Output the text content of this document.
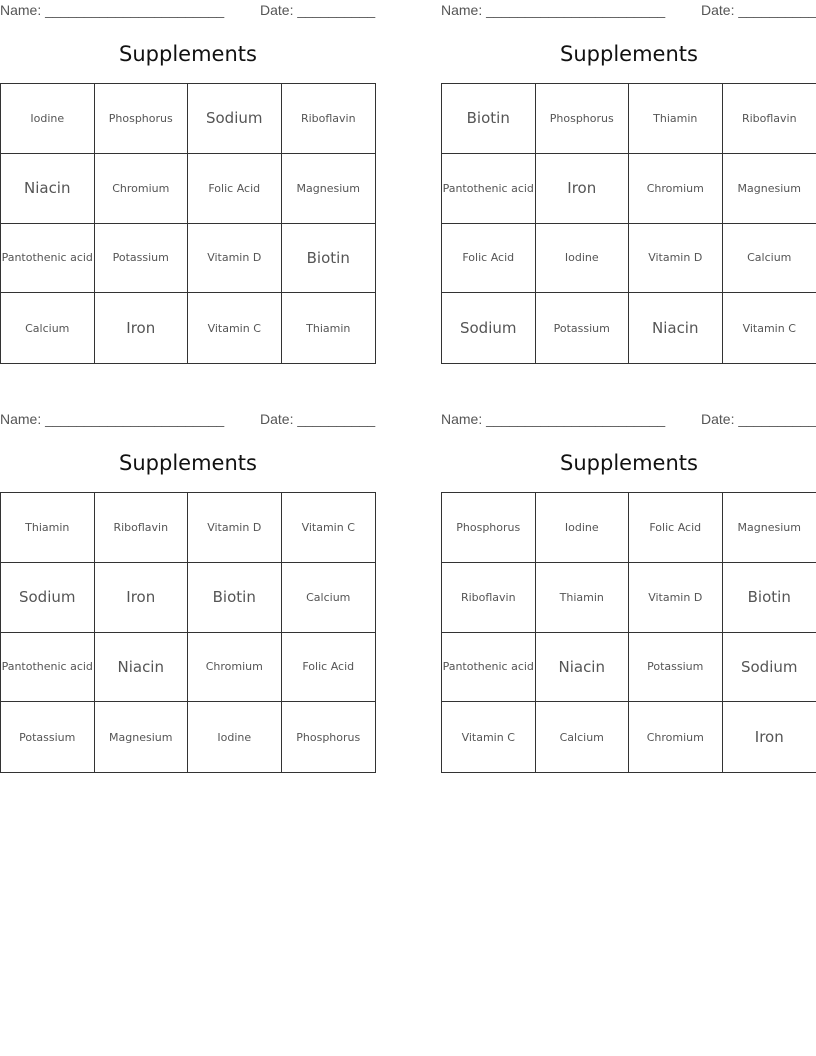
Name: _______________________	Date: __________
Supplements
Iodine	Phosphorus	Sodium	Riboflavin
Niacin	Chromium	Folic Acid	Magnesium
Pantothenic acid	Potassium	Vitamin D	Biotin
Calcium	Iron	Vitamin C	Thiamin
Name: _______________________	Date: __________
Supplements
Biotin	Phosphorus	Thiamin	Riboflavin
Pantothenic acid	Iron	Chromium	Magnesium
Folic Acid	Iodine	Vitamin D	Calcium
Sodium	Potassium	Niacin	Vitamin C
Name: _______________________	Date: __________
Supplements
Thiamin	Riboflavin	Vitamin D	Vitamin C
Sodium	Iron	Biotin	Calcium
Pantothenic acid	Niacin	Chromium	Folic Acid
Potassium	Magnesium	Iodine	Phosphorus
Name: _______________________	Date: __________
Supplements
Phosphorus	Iodine	Folic Acid	Magnesium
Riboflavin	Thiamin	Vitamin D	Biotin
Pantothenic acid	Niacin	Potassium	Sodium
Vitamin C	Calcium	Chromium	Iron
